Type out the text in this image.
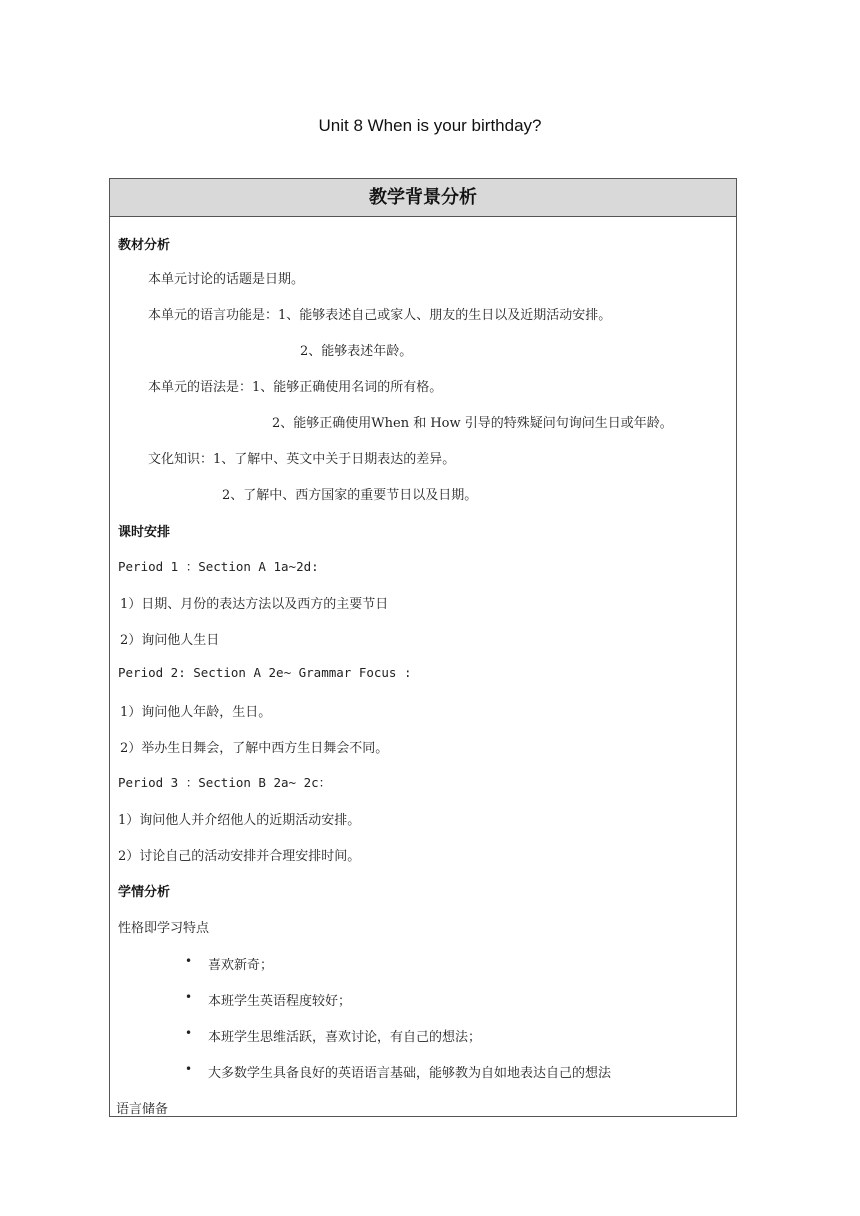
Unit 8 When is your birthday?
教学背景分析
教材分析
本单元讨论的话题是日期。
本单元的语言功能是：1、能够表述自己或家人、朋友的生日以及近期活动安排。
2、能够表述年龄。
本单元的语法是：1、能够正确使用名词的所有格。
2、能够正确使用When 和 How 引导的特殊疑问句询问生日或年龄。
文化知识：1、了解中、英文中关于日期表达的差异。
2、了解中、西方国家的重要节日以及日期。
课时安排
Period 1 ：Section A 1a~2d:
1）日期、月份的表达方法以及西方的主要节日
2）询问他人生日
Period 2: Section A 2e~ Grammar Focus :
1）询问他人年龄，生日。
2）举办生日舞会，了解中西方生日舞会不同。
Period 3 ：Section B 2a~ 2c：
1）询问他人并介绍他人的近期活动安排。
2）讨论自己的活动安排并合理安排时间。
学情分析
性格即学习特点
• 喜欢新奇；
• 本班学生英语程度较好；
• 本班学生思维活跃，喜欢讨论，有自己的想法；
• 大多数学生具备良好的英语语言基础，能够教为自如地表达自己的想法
语言储备
